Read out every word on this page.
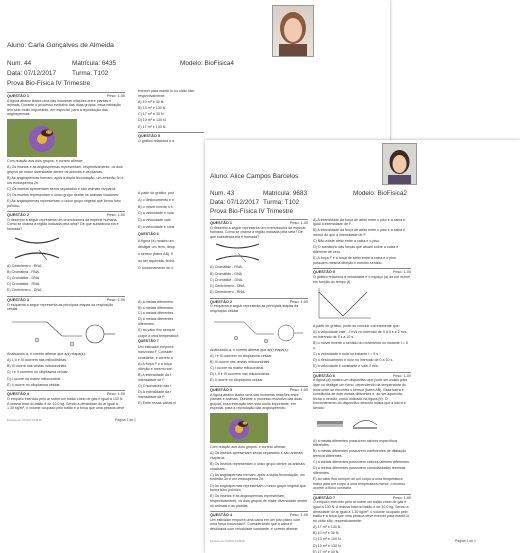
Aluno: Carla Gonçalves de Almeida
Num. 44	Matrícula: 6435	Modelo: BioFisica4
Data: 07/12/2017 Turma: T102
Prova Bio-Física IV Trimestre
QUESTÃO 1	Peso: 1.00
A figura abaixo ilustra uma das inúmeras relações entre plantas e animais. Durante o processo evolutivo das duas grupos, essa interação tem sido muito importante, em especial, para a reprodução das angiospermas.
Com relação aos dois grupos, é correto afirmar:
A) Os insetos e as angiospermas representam, respectivamente, os dois grupos de maior diversidade dentre os animais e as plantas.
B) As angiospermas formam, após a dupla fecundação, um embrião 3n e um endosperma 2n.
C) Os insetos apresentam sexos separados e são animais vivíparos.
D) Os insetos representam o único grupo dentre os animais voadores.
E) As angiospermas representam o único grupo vegetal que forma tubo polínico.
QUESTÃO 2	Peso: 1.00
O desenho a seguir representa um cromossoma da espécie humana. Como se chama a região indicada pela seta? De que substância ela é formada?
A) Centrômero - RNA.
B) Cromatina - RNA.
C) Cromátide - DNA.
D) Cromátide - RNA.
E) Centrômero - DNA.
QUESTÃO 3	Peso: 1.00
O esquema a seguir representa as principais etapas da respiração celular.
Analisando-a, é correto afirmar que a(s) etapa(s):
A) I, II e III ocorrem nas mitocôndrias.
B) III ocorre nas cristas mitocondriais.
C) I e II ocorrem no citoplasma celular.
D) I ocorre na matriz mitocondrial.
E) II ocorre no citoplasma celular.
QUESTÃO 4	Peso: 1.00
O empuxo exercido pelo ar sobre um balão cheio de gás é igual a 130 N. A massa total do balão é de 10,0 kg. Sendo a densidade do ar igual a 1,30 kg/m³, o volume ocupado pelo balão e a força que uma pessoa deve
exercer para mantê-lo no chão são, respectivamente:
A) 10 m³ e 30 N.
B) 13 m³ e 100 N.
C) 17 m³ e 30 N.
D) 10 m³ e 130 N.
E) 17 m³ e 130 N.
QUESTÃO 5
O gráfico relaciona o a
A partir do gráfico, pod
A) o deslocamento é n
B) o móvel inverte o s
C) a velocidade é nula
D) a velocidade vale
E) a velocidade é cons
QUESTÃO 6
A figura (a) mostra um
desligar um ferro, desp
o sensor (barra AB), fi
ao ser aquecida, fecha
O funcionamento do d
A) a metais diferentes
B) a metais diferentes
C) a metais diferentes
D) a metais diferentes
diferentes.
E) ao valor fixo sempre
corpo a uma temperatura
QUESTÃO 7
Um estivador empurra
horizontal F. Consider
constante, é correto a
A) A força F e a força
direção e mesmo sen
B) A intensidade da f
intensidade de F.
C) O somatório das f
D) A intensidade da f
intensidade de F.
E) Entre essas várias el
Impresso em: 07/12/17 19:39:48	Página 1 de 1
Aluno: Alice Campos Barcelos
Num. 43	Matrícula: 9683	Modelo: BioFisica2
Data: 07/12/2017 Turma: T102
Prova Bio-Física IV Trimestre
QUESTÃO 1	Peso: 1.00
O desenho a seguir representa um cromossoma da espécie humana. Como se chama a região indicada pela seta? De que substância ela é formada?
A) Cromátide - RNA.
B) Cromátide - DNA.
C) Cromátide - DNA.
D) Centrômero - DNA.
E) Centrômero - RNA.
QUESTÃO 2	Peso: 1.00
O esquema a seguir representa as principais etapas da respiração celular.
Analisando-a, é correto afirmar que a(s) etapa(s):
A) I e III ocorrem no citoplasma celular.
B) III ocorre nas cristas mitocondriais.
C) I ocorre na matriz mitocondrial.
D) I, II e III ocorrem nas mitocôndrias.
E) II ocorre no citoplasma celular.
QUESTÃO 3	Peso: 1.00
A figura abaixo ilustra uma das inúmeras relações entre plantas e animais. Durante o processo evolutivo das duas grupos, essa interação tem sido muito importante, em especial, para a reprodução das angiospermas.
Com relação aos dois grupos, é correto afirmar:
A) Os insetos apresentam sexos separados e são animais vivíparos.
B) Os insetos representam o único grupo dentre os animais voadores.
C) As angiospermas formam, após a dupla fecundação, um embrião 3n e um endosperma 2n.
D) As angiospermas representam o único grupo vegetal que forma tubo polínico.
E) Os insetos e as angiospermas representam, respectivamente, os dois grupos de maior diversidade dentre os animais e as plantas.
QUESTÃO 4	Peso: 1.00
Um estivador empurra uma caixa em um piso plano com uma força horizontal F. Considerando que a caixa é deslocada com velocidade constante, é correto afirmar:
A) A intensidade da força de atrito entre o piso e a caixa é igual à intensidade de F.
B) A intensidade da força de atrito entre o piso e a caixa é menor do que a intensidade de F.
C) Não existe atrito entre a caixa e o piso.
D) O somatório das forças que atuam sobre a caixa é diferente de zero.
E) A força F e a força de atrito entre a caixa e o piso possuem mesma direção e mesmo sentido.
QUESTÃO 5	Peso: 1.00
O gráfico relaciona a velocidade e o espaço (a) de um móvel em função do tempo (t).
A partir do gráfico, pode-se concluir corretamente que:
A) a velocidade vale - 2 m/s no intervalo de 0 a 5 s e 2 m/s no intervalo de 5 s a 10 s.
B) o móvel inverte o sentido do movimento no instante t = 5 s.
C) a velocidade é nula no instante t = 5 s.
D) o deslocamento é nulo no intervalo de 0 a 10 s.
E) a velocidade é constante e vale 2 m/s.
QUESTÃO 6	Peso: 1.00
A figura (a) mostra um dispositivo que pode ser usado para ligar ou desligar um forno, dependendo da temperatura do local onde se encontra o sensor (barra AB). Essa barra é constituída de dois metais diferentes e, ao ser aquecida, fecha o circuito, como indicado na figura (b). O funcionamento do dispositivo descrito indica que a barra é devido:
A) a metais diferentes possuírem calores específicos diferentes.
B) a metais diferentes possuírem coeficientes de dilatação térmica diferentes.
C) a metais diferentes possuírem calores latentes diferentes.
D) a metais diferentes possuírem condutividades térmicas diferentes.
E) ao calor fluir sempre de um corpo a uma temperatura maior para um corpo a uma temperatura menor, o inverso ocorrer a fluxo contrário.
QUESTÃO 7	Peso: 1.00
O empuxo exercido pelo ar sobre um balão cheio de gás é igual a 130 N. A massa total do balão é de 10,0 kg. Sendo a densidade do ar igual a 1,30 kg/m³, o volume ocupado pelo balão e a força que uma pessoa deve exercer para mantê-lo no chão são, respectivamente:
A) 17 m³ e 130 N.
B) 10 m³ e 30 N.
C) 13 m³ e 100 N.
D) 10 m³ e 130 N.
E) 17 m³ e 30 N.
Impresso em: 07/12/17 19:39:48	Página 1 de 1
